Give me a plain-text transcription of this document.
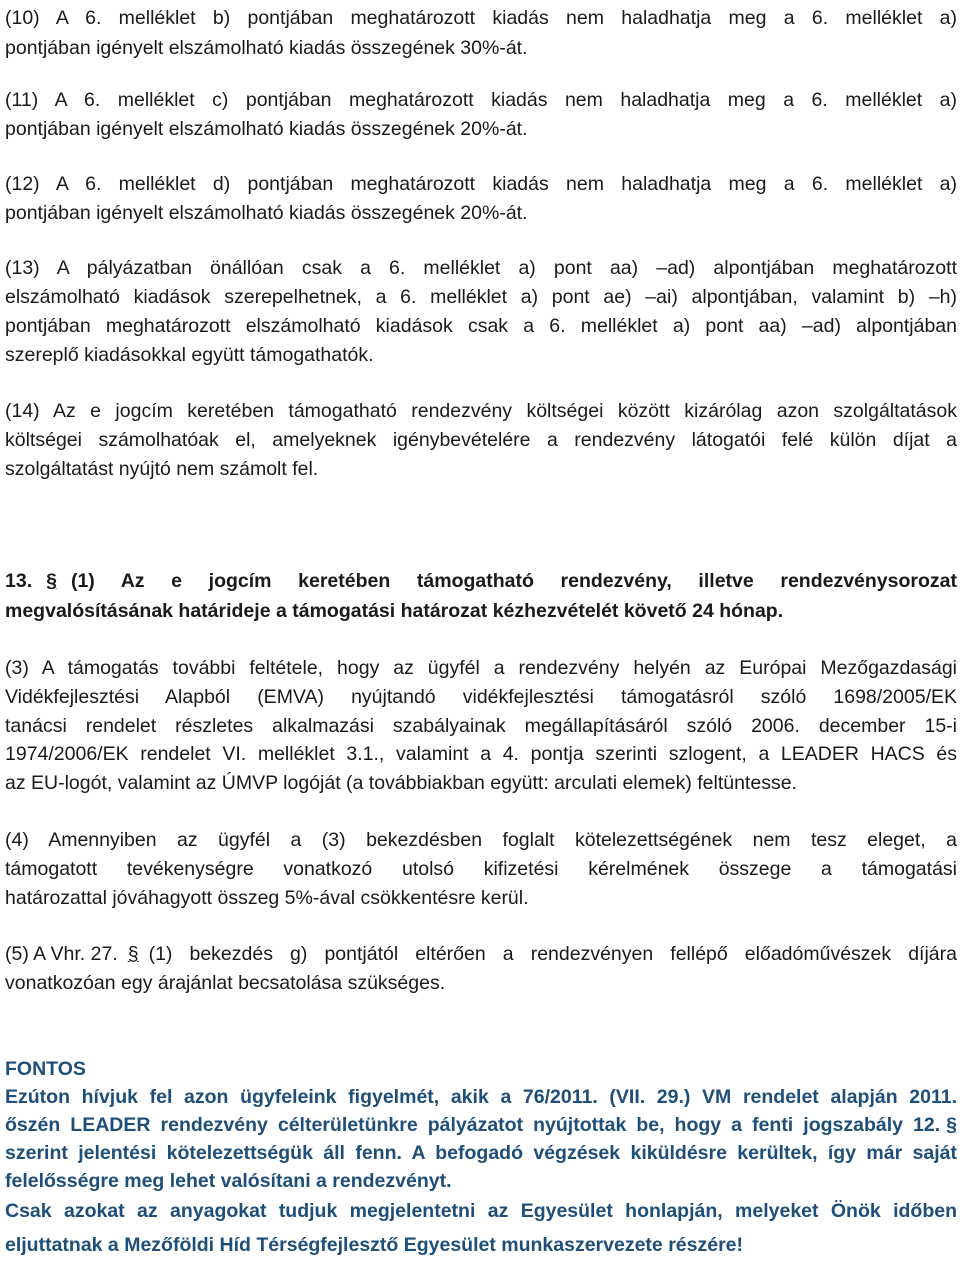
(10) A 6. melléklet b) pontjában meghatározott kiadás nem haladhatja meg a 6. melléklet a)
pontjában igényelt elszámolható kiadás összegének 30%-át.
(11) A 6. melléklet c) pontjában meghatározott kiadás nem haladhatja meg a 6. melléklet a)
pontjában igényelt elszámolható kiadás összegének 20%-át.
(12) A 6. melléklet d) pontjában meghatározott kiadás nem haladhatja meg a 6. melléklet a)
pontjában igényelt elszámolható kiadás összegének 20%-át.
(13) A pályázatban önállóan csak a 6. melléklet a) pont aa) –ad) alpontjában meghatározott
elszámolható kiadások szerepelhetnek, a 6. melléklet a) pont ae) –ai) alpontjában, valamint b) –h)
pontjában meghatározott elszámolható kiadások csak a 6. melléklet a) pont aa) –ad) alpontjában
szereplő kiadásokkal együtt támogathatók.
(14) Az e jogcím keretében támogatható rendezvény költségei között kizárólag azon szolgáltatások
költségei számolhatóak el, amelyeknek igénybevételére a rendezvény látogatói felé külön díjat a
szolgáltatást nyújtó nem számolt fel.
13. § (1) Az e jogcím keretében támogatható rendezvény, illetve rendezvénysorozat
megvalósításának határideje a támogatási határozat kézhezvételét követő 24 hónap.
(3) A támogatás további feltétele, hogy az ügyfél a rendezvény helyén az Európai Mezőgazdasági
Vidékfejlesztési Alapból (EMVA) nyújtandó vidékfejlesztési támogatásról szóló 1698/2005/EK
tanácsi rendelet részletes alkalmazási szabályainak megállapításáról szóló 2006. december 15-i
1974/2006/EK rendelet VI. melléklet 3.1., valamint a 4. pontja szerinti szlogent, a LEADER HACS és
az EU-logót, valamint az ÚMVP logóját (a továbbiakban együtt: arculati elemek) feltüntesse.
(4) Amennyiben az ügyfél a (3) bekezdésben foglalt kötelezettségének nem tesz eleget, a
támogatott tevékenységre vonatkozó utolsó kifizetési kérelmének összege a támogatási
határozattal jóváhagyott összeg 5%-ával csökkentésre kerül.
(5) A Vhr. 27. § (1) bekezdés g) pontjától eltérően a rendezvényen fellépő előadóművészek díjára
vonatkozóan egy árajánlat becsatolása szükséges.
FONTOS
Ezúton hívjuk fel azon ügyfeleink figyelmét, akik a 76/2011. (VII. 29.) VM rendelet alapján 2011.
őszén LEADER rendezvény célterületünkre pályázatot nyújtottak be, hogy a fenti jogszabály 12. §
szerint jelentési kötelezettségük áll fenn. A befogadó végzések kiküldésre kerültek, így már saját
felelősségre meg lehet valósítani a rendezvényt.
Csak azokat az anyagokat tudjuk megjelentetni az Egyesület honlapján, melyeket Önök időben
eljuttatnak a Mezőföldi Híd Térségfejlesztő Egyesület munkaszervezete részére!
